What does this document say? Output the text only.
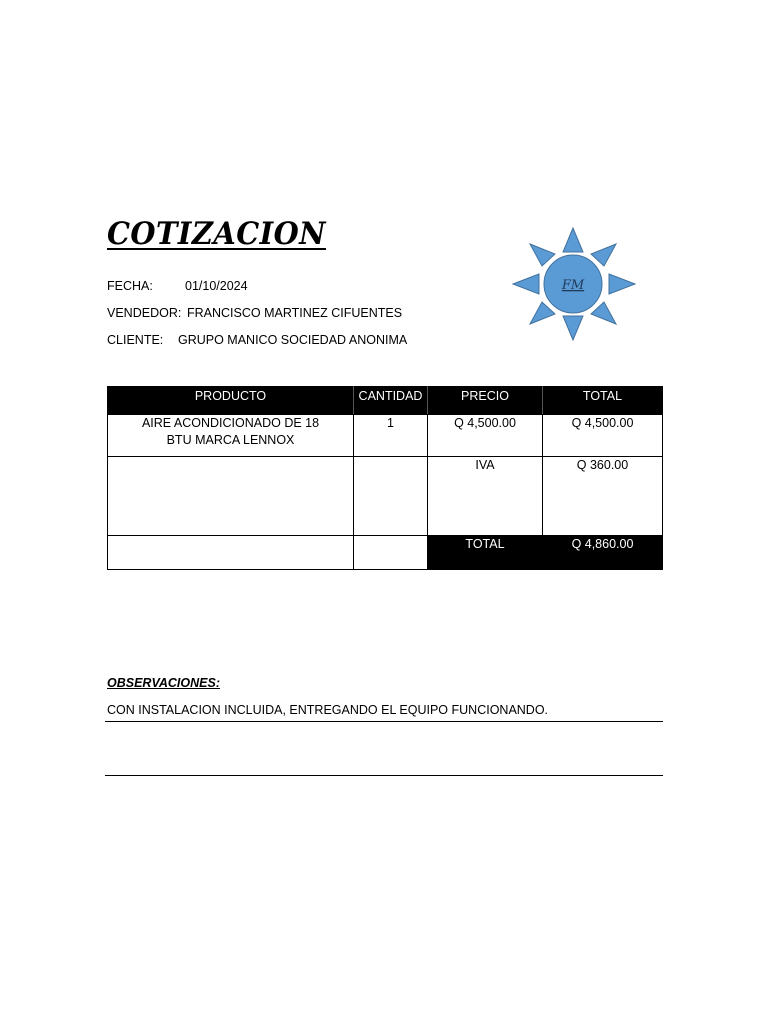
COTIZACION
FECHA:	01/10/2024
VENDEDOR: FRANCISCO MARTINEZ CIFUENTES
CLIENTE: GRUPO MANICO SOCIEDAD ANONIMA
FM
PRODUCTO	CANTIDAD	PRECIO	TOTAL
AIRE ACONDICIONADO DE 18 BTU MARCA LENNOX	1	Q 4,500.00	Q 4,500.00
		IVA	Q 360.00
		TOTAL	Q 4,860.00
OBSERVACIONES:
CON INSTALACION INCLUIDA, ENTREGANDO EL EQUIPO FUNCIONANDO.
